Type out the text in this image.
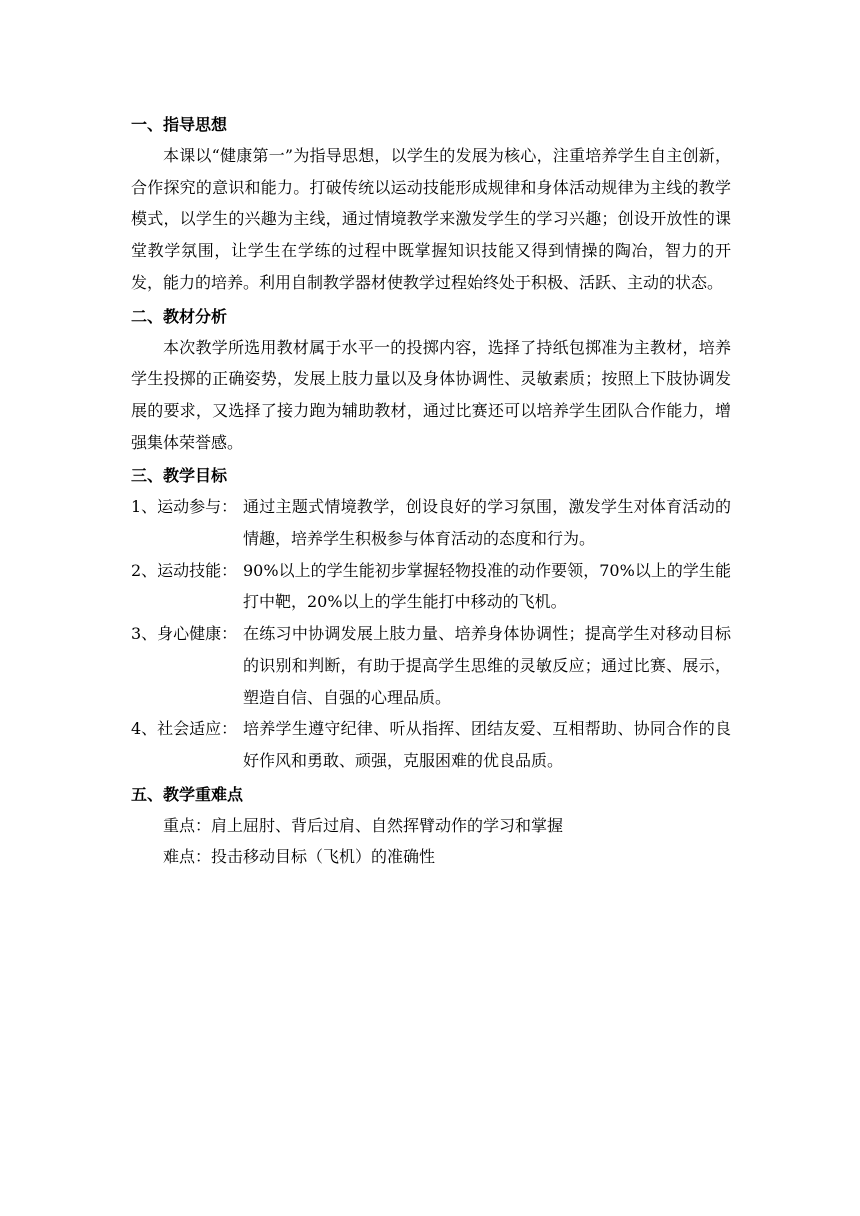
一、指导思想

本课以“健康第一”为指导思想，以学生的发展为核心，注重培养学生自主创新，合作探究的意识和能力。打破传统以运动技能形成规律和身体活动规律为主线的教学模式，以学生的兴趣为主线，通过情境教学来激发学生的学习兴趣；创设开放性的课堂教学氛围，让学生在学练的过程中既掌握知识技能又得到情操的陶冶，智力的开发，能力的培养。利用自制教学器材使教学过程始终处于积极、活跃、主动的状态。

二、教材分析

本次教学所选用教材属于水平一的投掷内容，选择了持纸包掷准为主教材，培养学生投掷的正确姿势，发展上肢力量以及身体协调性、灵敏素质；按照上下肢协调发展的要求，又选择了接力跑为辅助教材，通过比赛还可以培养学生团队合作能力，增强集体荣誉感。

三、教学目标
1、运动参与： 通过主题式情境教学，创设良好的学习氛围，激发学生对体育活动的情趣，培养学生积极参与体育活动的态度和行为。
2、运动技能： 90%以上的学生能初步掌握轻物投准的动作要领，70%以上的学生能打中靶，20%以上的学生能打中移动的飞机。
3、身心健康： 在练习中协调发展上肢力量、培养身体协调性；提高学生对移动目标的识别和判断，有助于提高学生思维的灵敏反应；通过比赛、展示，塑造自信、自强的心理品质。
4、社会适应： 培养学生遵守纪律、听从指挥、团结友爱、互相帮助、协同合作的良好作风和勇敢、顽强，克服困难的优良品质。
五、教学重难点

重点：肩上屈肘、背后过肩、自然挥臂动作的学习和掌握

难点：投击移动目标（飞机）的准确性
